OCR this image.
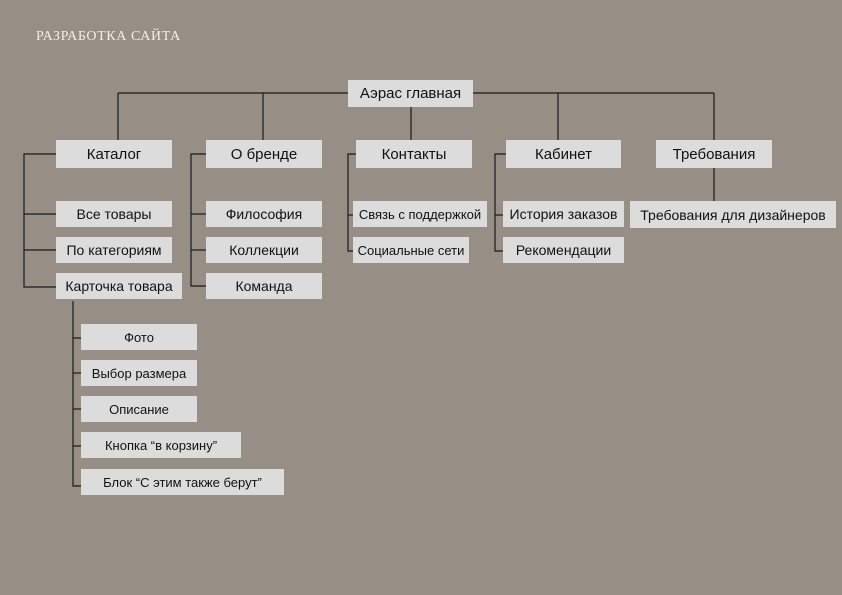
РАЗРАБОТКА САЙТА
Аэрас главная
Каталог	О бренде	Контакты	Кабинет	Требования
Все товары
По категориям
Карточка товара
Фото
Выбор размера
Описание
Кнопка “в корзину”
Блок “С этим также берут”
Философия
Коллекции
Команда
Связь с поддержкой
Социальные сети
История заказов
Рекомендации
Требования для дизайнеров
